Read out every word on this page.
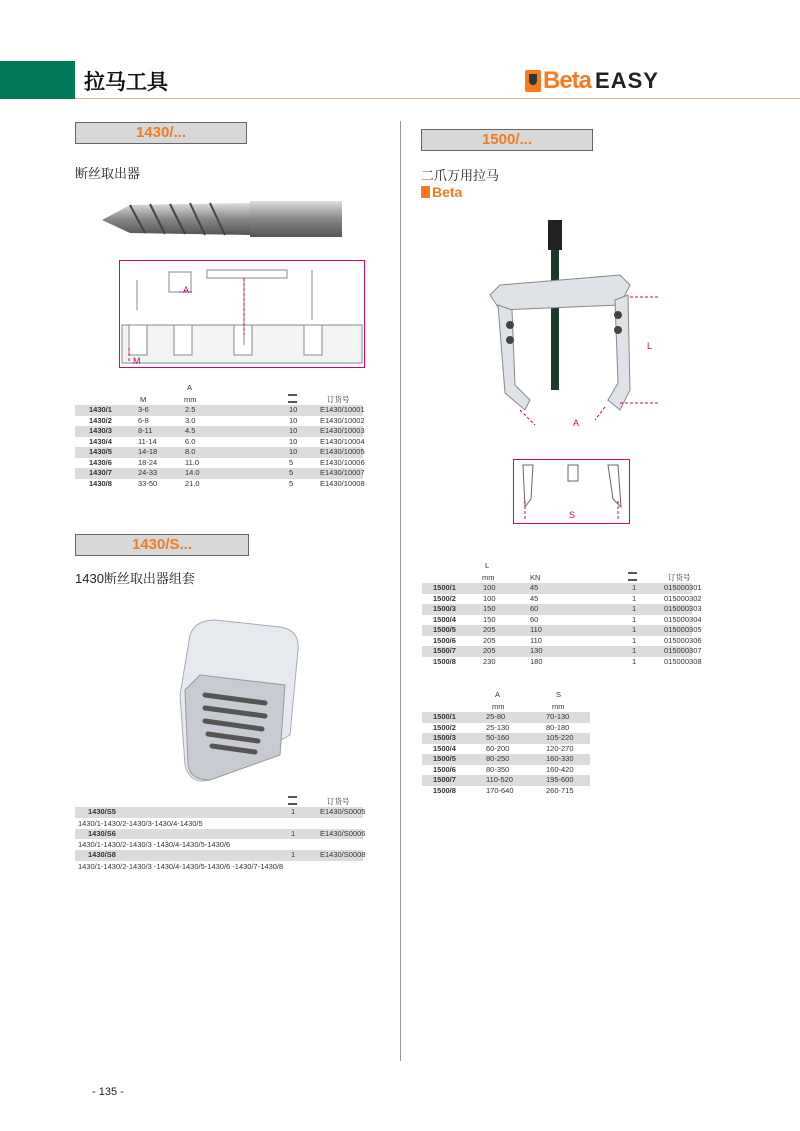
拉马工具	Beta EASY
1430/...
断丝取出器
A
M
A
M	mm	订货号
1430/1	3-6	2.5	10	E1430/10001
1430/2	6-8	3.0	10	E1430/10002
1430/3	8-11	4.5	10	E1430/10003
1430/4	11-14	6.0	10	E1430/10004
1430/5	14-18	8.0	10	E1430/10005
1430/6	18-24	11.0	5	E1430/10006
1430/7	24-33	14.0	5	E1430/10007
1430/8	33-50	21.0	5	E1430/10008
1430/S...
1430断丝取出器组套
订货号
1430/S5	1	E1430/S0005
1430/1-1430/2-1430/3-1430/4-1430/5
1430/S6	1	E1430/S0006
1430/1-1430/2-1430/3 -1430/4-1430/5-1430/6
1430/S8	1	E1430/S0008
1430/1-1430/2-1430/3 -1430/4-1430/5-1430/6 -1430/7-1430/8
1500/...
二爪万用拉马
Beta
L
A
S
L
mm	KN	订货号
1500/1	100	45	1	015000301
1500/2	100	45	1	015000302
1500/3	150	60	1	015000303
1500/4	150	60	1	015000304
1500/5	205	110	1	015000305
1500/6	205	110	1	015000306
1500/7	205	130	1	015000307
1500/8	230	180	1	015000308
A
mm
S
mm
1500/1	25-80	70-130
1500/2	25-130	80-180
1500/3	50-160	105-220
1500/4	60-200	120-270
1500/5	80-250	160-330
1500/6	80-350	160-420
1500/7	110-520	195-600
1500/8	170-640	260-715
- 135 -
